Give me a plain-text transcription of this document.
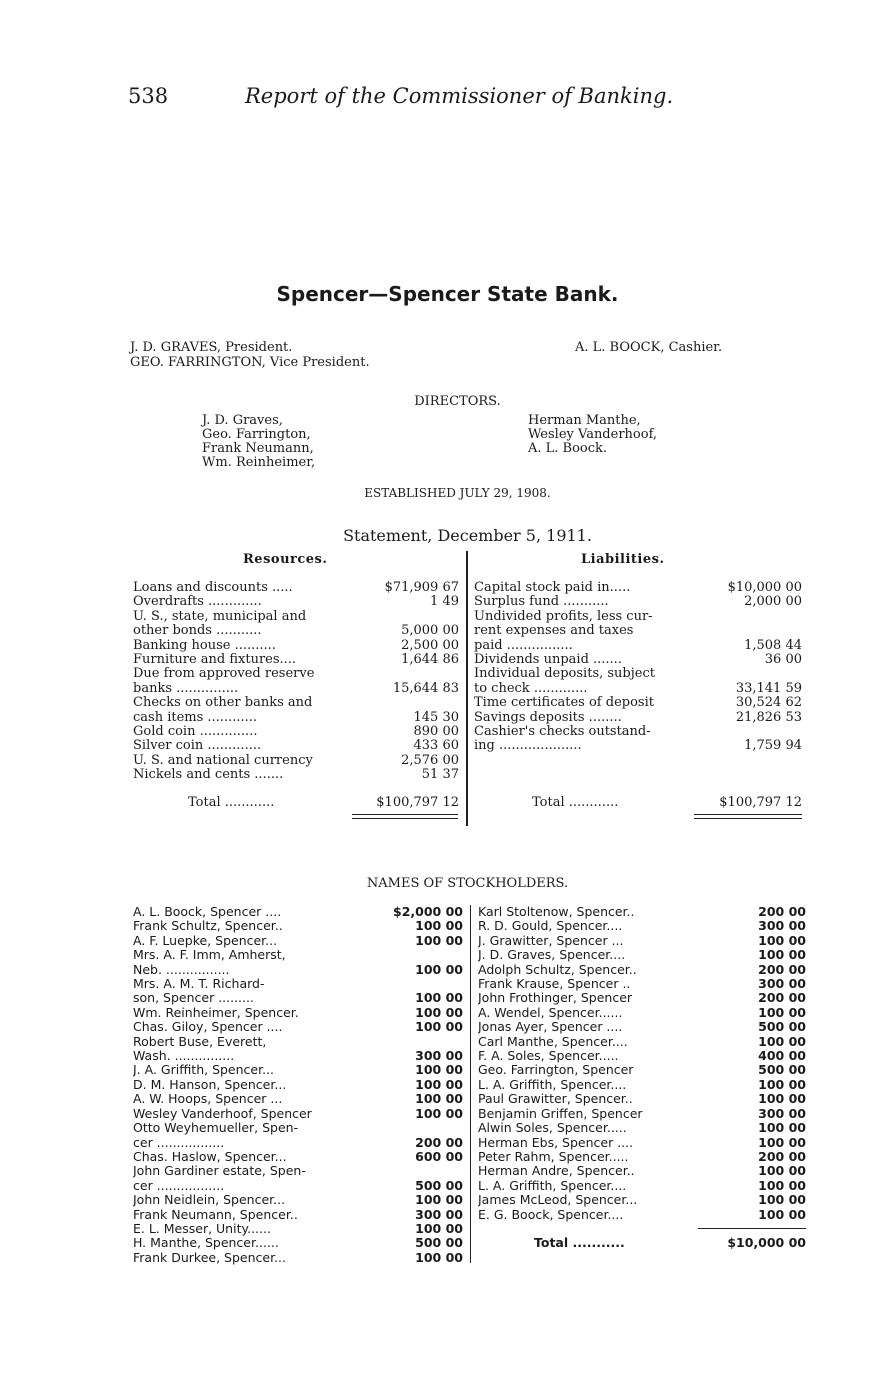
538	Report of the Commissioner of Banking.
Spencer—Spencer State Bank.
J. D. GRAVES, President.
GEO. FARRINGTON, Vice President.
A. L. BOOCK, Cashier.
DIRECTORS.
J. D. Graves,
Geo. Farrington,
Frank Neumann,
Wm. Reinheimer,
Herman Manthe,
Wesley Vanderhoof,
A. L. Boock.
ESTABLISHED JULY 29, 1908.
Statement, December 5, 1911.
Resources.	Liabilities.
Loans and discounts .....	$71,909 67
Overdrafts .............	1 49
U. S., state, municipal and
other bonds ...........	5,000 00
Banking house ..........	2,500 00
Furniture and fixtures....	1,644 86
Due from approved reserve
banks ...............	15,644 83
Checks on other banks and
cash items ............	145 30
Gold coin ..............	890 00
Silver coin .............	433 60
U. S. and national currency	2,576 00
Nickels and cents .......	51 37
Total ............	$100,797 12
Capital stock paid in.....	$10,000 00
Surplus fund ...........	2,000 00
Undivided profits, less cur-
rent expenses and taxes
paid ................	1,508 44
Dividends unpaid .......	36 00
Individual deposits, subject
to check .............	33,141 59
Time certificates of deposit	30,524 62
Savings deposits ........	21,826 53
Cashier's checks outstand-
ing ....................	1,759 94
Total ............	$100,797 12
NAMES OF STOCKHOLDERS.
A. L. Boock, Spencer ....	$2,000 00
Frank Schultz, Spencer..	100 00
A. F. Luepke, Spencer...	100 00
Mrs. A. F. Imm, Amherst,
Neb. ................	100 00
Mrs. A. M. T. Richard-
son, Spencer .........	100 00
Wm. Reinheimer, Spencer.	100 00
Chas. Giloy, Spencer ....	100 00
Robert Buse, Everett,
Wash. ...............	300 00
J. A. Griffith, Spencer...	100 00
D. M. Hanson, Spencer...	100 00
A. W. Hoops, Spencer ...	100 00
Wesley Vanderhoof, Spencer	100 00
Otto Weyhemueller, Spen-
cer .................	200 00
Chas. Haslow, Spencer...	600 00
John Gardiner estate, Spen-
cer .................	500 00
John Neidlein, Spencer...	100 00
Frank Neumann, Spencer..	300 00
E. L. Messer, Unity......	100 00
H. Manthe, Spencer......	500 00
Frank Durkee, Spencer...	100 00
Karl Stoltenow, Spencer..	200 00
R. D. Gould, Spencer....	300 00
J. Grawitter, Spencer ...	100 00
J. D. Graves, Spencer....	100 00
Adolph Schultz, Spencer..	200 00
Frank Krause, Spencer ..	300 00
John Frothinger, Spencer	200 00
A. Wendel, Spencer......	100 00
Jonas Ayer, Spencer ....	500 00
Carl Manthe, Spencer....	100 00
F. A. Soles, Spencer.....	400 00
Geo. Farrington, Spencer	500 00
L. A. Griffith, Spencer....	100 00
Paul Grawitter, Spencer..	100 00
Benjamin Griffen, Spencer	300 00
Alwin Soles, Spencer.....	100 00
Herman Ebs, Spencer ....	100 00
Peter Rahm, Spencer.....	200 00
Herman Andre, Spencer..	100 00
L. A. Griffith, Spencer....	100 00
James McLeod, Spencer...	100 00
E. G. Boock, Spencer....	100 00
Total ...........	$10,000 00
